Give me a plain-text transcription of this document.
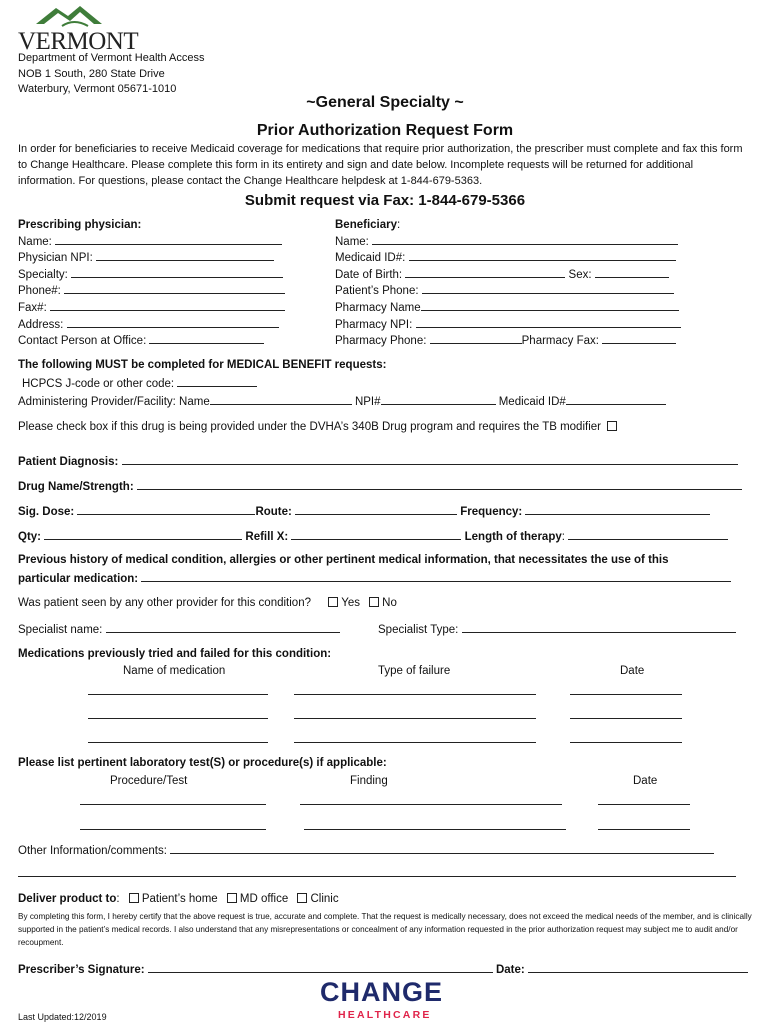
VERMONT
Department of Vermont Health Access
NOB 1 South, 280 State Drive
Waterbury, Vermont 05671-1010
~General Specialty ~
Prior Authorization Request Form
In order for beneficiaries to receive Medicaid coverage for medications that require prior authorization, the prescriber must complete and fax this form to Change Healthcare. Please complete this form in its entirety and sign and date below. Incomplete requests will be returned for additional information. For questions, please contact the Change Healthcare helpdesk at 1-844-679-5363.
Submit request via Fax: 1-844-679-5366
Prescribing physician:
Name:
Physician NPI:
Specialty:
Phone#:
Fax#:
Address:
Contact Person at Office:
Beneficiary:
Name:
Medicaid ID#:
Date of Birth:	Sex:
Patient’s Phone:
Pharmacy Name
Pharmacy NPI:
Pharmacy Phone:	Pharmacy Fax:
The following MUST be completed for MEDICAL BENEFIT requests:
HCPCS J-code or other code:
Administering Provider/Facility: Name	NPI#	Medicaid ID#
Please check box if this drug is being provided under the DVHA’s 340B Drug program and requires the TB modifier
Patient Diagnosis:
Drug Name/Strength:
Sig. Dose:	Route:	Frequency:
Qty:	Refill X:	Length of therapy:
Previous history of medical condition, allergies or other pertinent medical information, that necessitates the use of this
particular medication:
Was patient seen by any other provider for this condition?	Yes No
Specialist name:	Specialist Type:
Medications previously tried and failed for this condition:
Name of medication	Type of failure	Date
Please list pertinent laboratory test(S) or procedure(s) if applicable:
Procedure/Test	Finding	Date
Other Information/comments:
Deliver product to: Patient’s home MD office Clinic
By completing this form, I hereby certify that the above request is true, accurate and complete. That the request is medically necessary, does not exceed the medical needs of the member, and is clinically supported in the patient’s medical records. I also understand that any misrepresentations or concealment of any information requested in the prior authorization request may subject me to audit and/or recoupment.
Prescriber’s Signature:	Date:
Last Updated:12/2019
CHANGE
HEALTHCARE
